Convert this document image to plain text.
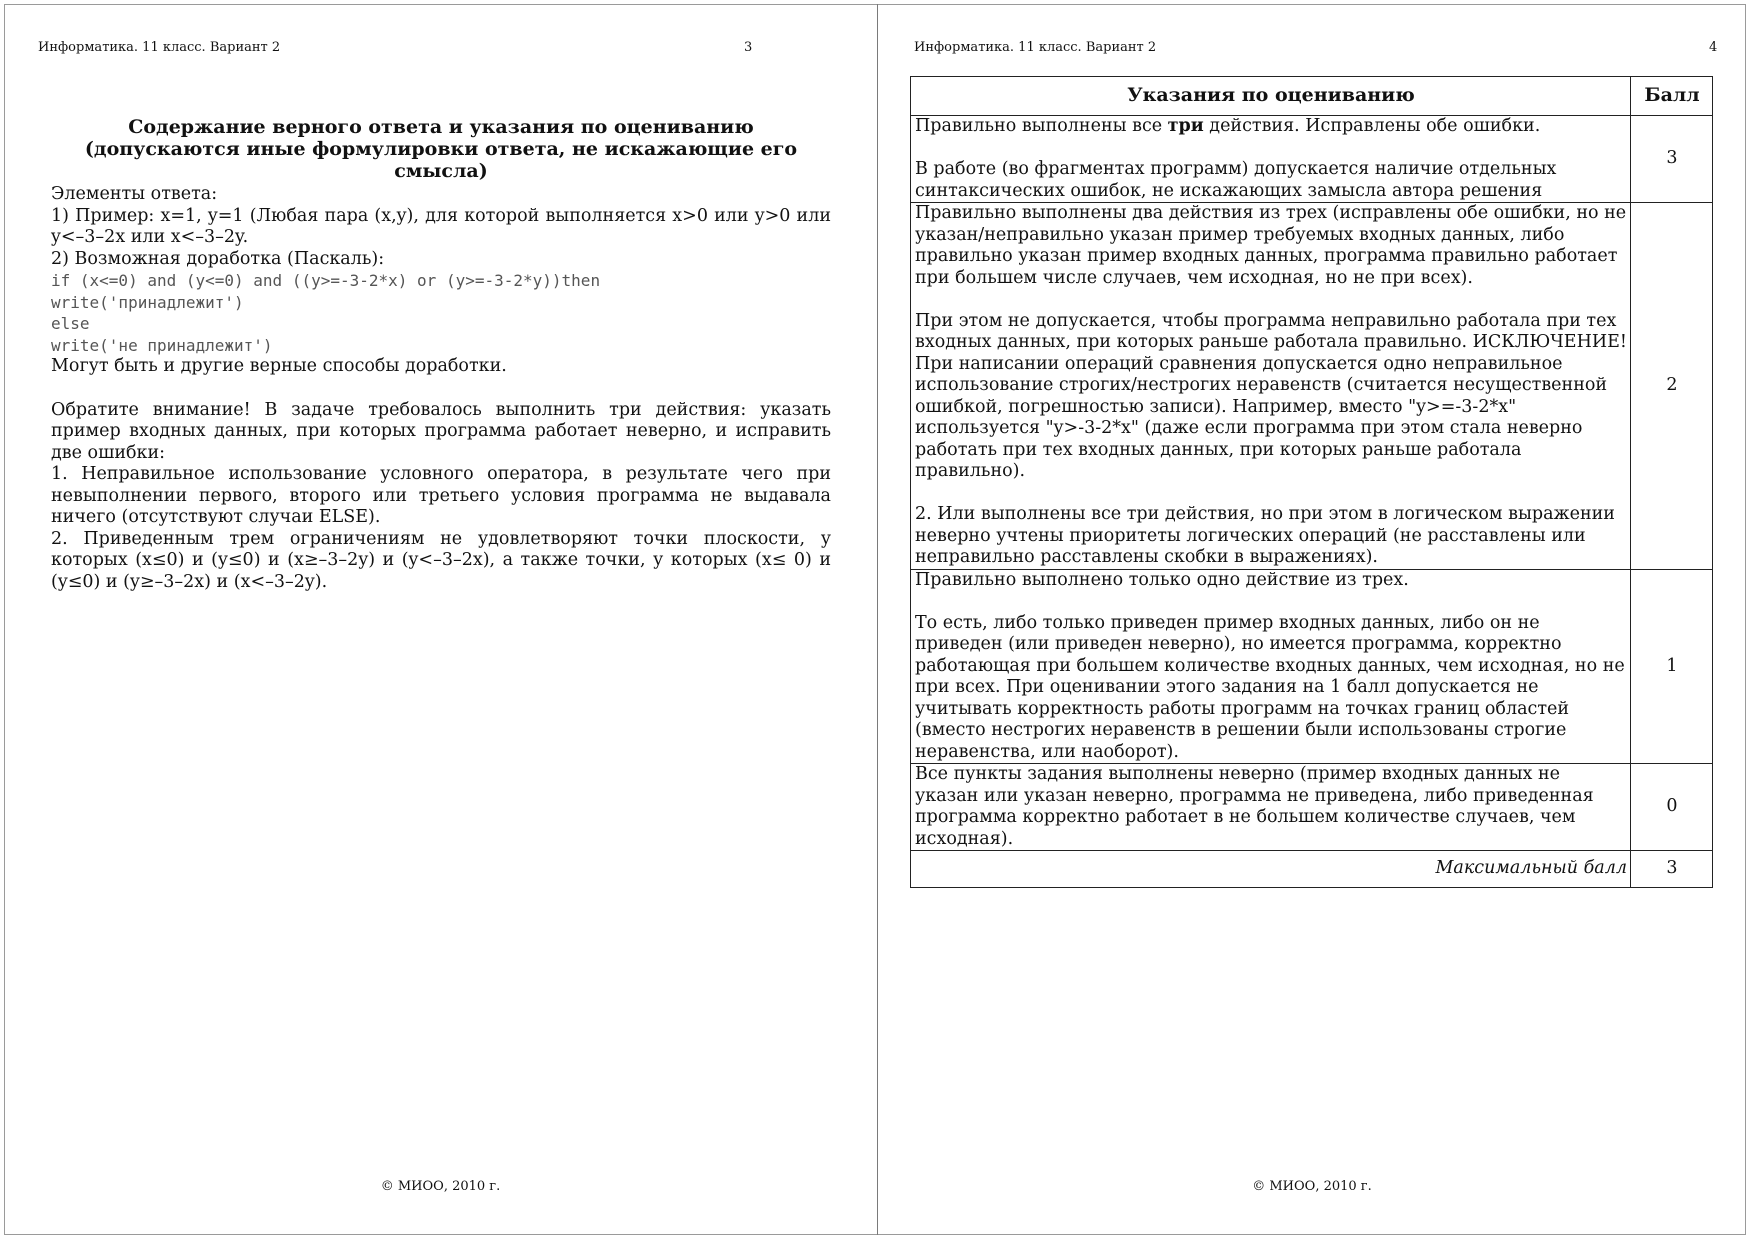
Информатика. 11 класс. Вариант 2	3
Содержание верного ответа и указания по оцениванию (допускаются иные формулировки ответа, не искажающие его смысла)

Элементы ответа:

1) Пример: x=1, y=1 (Любая пара (x,y), для которой выполняется x>0 или y>0 или y<–3–2x или x<–3–2y.

2) Возможная доработка (Паскаль):

if (x<=0) and (y<=0) and ((y>=-3-2*x) or (y>=-3-2*y))then
write('принадлежит')
else
write('не принадлежит')

Могут быть и другие верные способы доработки.

Обратите внимание! В задаче требовалось выполнить три действия: указать пример входных данных, при которых программа работает неверно, и исправить две ошибки:

1. Неправильное использование условного оператора, в результате чего при невыполнении первого, второго или третьего условия программа не выдавала ничего (отсутствуют случаи ELSE).

2. Приведенным трем ограничениям не удовлетворяют точки плоскости, у которых (x≤0) и (y≤0) и (x≥–3–2y) и (y<–3–2x), а также точки, у которых (x≤ 0) и (y≤0) и (y≥–3–2x) и (x<–3–2y).

© МИОО, 2010 г.
Информатика. 11 класс. Вариант 2	4
Указания по оцениванию	Балл

Правильно выполнены все три действия. Исправлены обе ошибки.

В работе (во фрагментах программ) допускается наличие отдельных синтаксических ошибок, не искажающих замысла автора решения	3

Правильно выполнены два действия из трех (исправлены обе ошибки, но не указан/неправильно указан пример требуемых входных данных, либо правильно указан пример входных данных, программа правильно работает при большем числе случаев, чем исходная, но не при всех).

При этом не допускается, чтобы программа неправильно работала при тех входных данных, при которых раньше работала правильно. ИСКЛЮЧЕНИЕ! При написании операций сравнения допускается одно неправильное использование строгих/нестрогих неравенств (считается несущественной ошибкой, погрешностью записи). Например, вместо "y>=-3-2*x" используется "y>-3-2*x" (даже если программа при этом стала неверно работать при тех входных данных, при которых раньше работала правильно).

2. Или выполнены все три действия, но при этом в логическом выражении неверно учтены приоритеты логических операций (не расставлены или неправильно расставлены скобки в выражениях).	2

Правильно выполнено только одно действие из трех.

То есть, либо только приведен пример входных данных, либо он не приведен (или приведен неверно), но имеется программа, корректно работающая при большем количестве входных данных, чем исходная, но не при всех. При оценивании этого задания на 1 балл допускается не учитывать корректность работы программ на точках границ областей (вместо нестрогих неравенств в решении были использованы строгие неравенства, или наоборот).	1

Все пункты задания выполнены неверно (пример входных данных не указан или указан неверно, программа не приведена, либо приведенная программа корректно работает в не большем количестве случаев, чем исходная).	0
Максимальный балл	3
© МИОО, 2010 г.
